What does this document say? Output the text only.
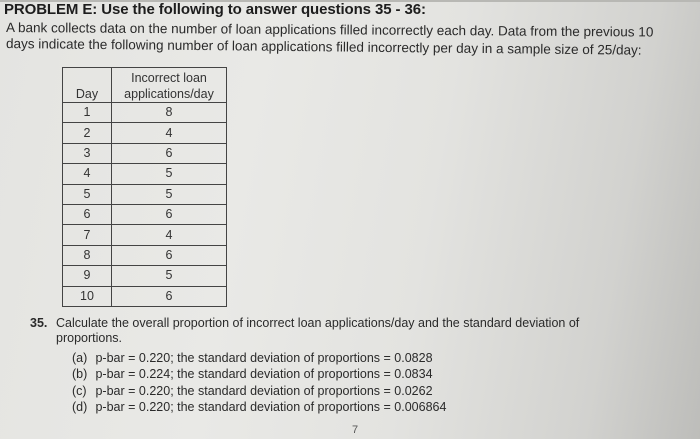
PROBLEM E: Use the following to answer questions 35 - 36:
A bank collects data on the number of loan applications filled incorrectly each day. Data from the previous 10
days indicate the following number of loan applications filled incorrectly per day in a sample size of 25/day:
Day	Incorrect loan
applications/day
1	8
2	4
3	6
4	5
5	5
6	6
7	4
8	6
9	5
10	6
35. Calculate the overall proportion of incorrect loan applications/day and the standard deviation of
proportions.
(a) p-bar = 0.220; the standard deviation of proportions = 0.0828
(b) p-bar = 0.224; the standard deviation of proportions = 0.0834
(c) p-bar = 0.220; the standard deviation of proportions = 0.0262
(d) p-bar = 0.220; the standard deviation of proportions = 0.006864
7
